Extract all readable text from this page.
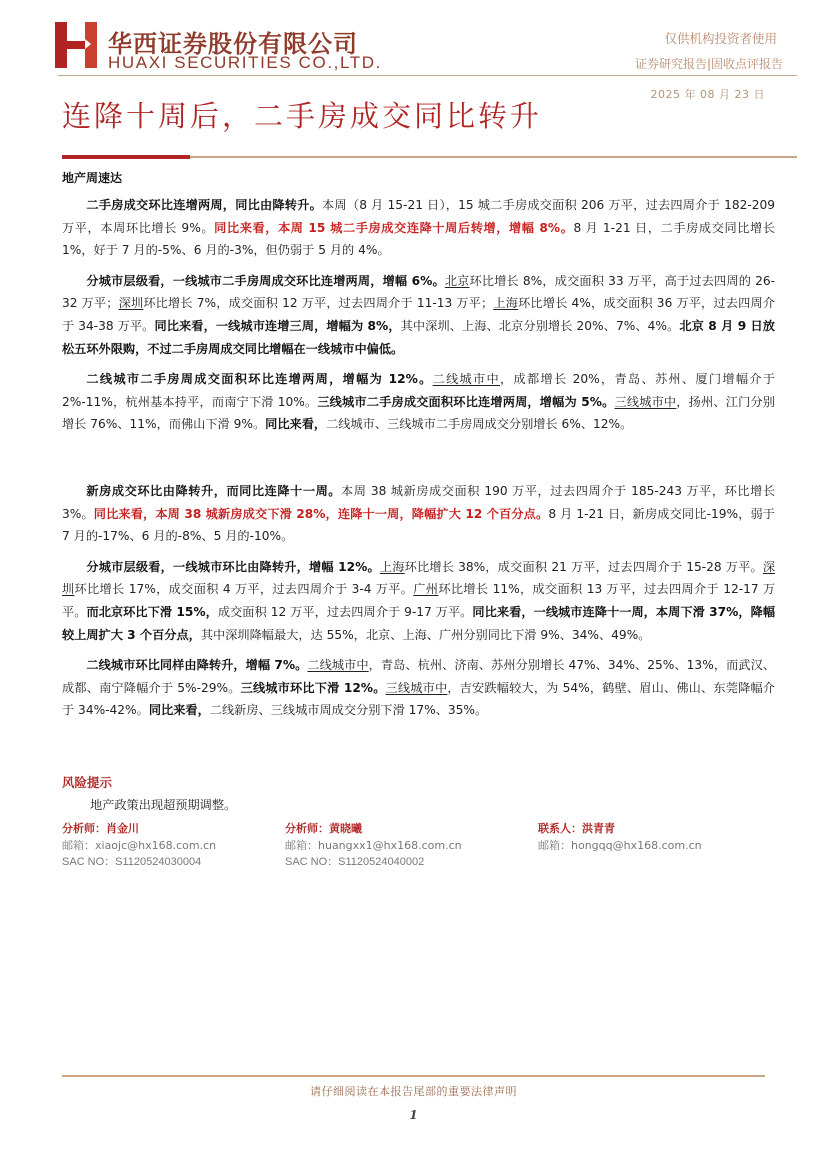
华西证券股份有限公司
HUAXI SECURITIES CO.,LTD.
仅供机构投资者使用
证券研究报告|固收点评报告
2025 年 08 月 23 日
连降十周后，二手房成交同比转升
地产周速达

二手房成交环比连增两周，同比由降转升。本周（8 月 15-21 日），15 城二手房成交面积 206 万平，过去四周介于 182-209 万平，本周环比增长 9%。同比来看，本周 15 城二手房成交连降十周后转增，增幅 8%。8 月 1-21 日，二手房成交同比增长 1%，好于 7 月的-5%、6 月的-3%，但仍弱于 5 月的 4%。

分城市层级看，一线城市二手房周成交环比连增两周，增幅 6%。北京环比增长 8%，成交面积 33 万平，高于过去四周的 26-32 万平；深圳环比增长 7%，成交面积 12 万平，过去四周介于 11-13 万平；上海环比增长 4%，成交面积 36 万平，过去四周介于 34-38 万平。同比来看，一线城市连增三周，增幅为 8%，其中深圳、上海、北京分别增长 20%、7%、4%。北京 8 月 9 日放松五环外限购，不过二手房周成交同比增幅在一线城市中偏低。

二线城市二手房周成交面积环比连增两周，增幅为 12%。二线城市中，成都增长 20%，青岛、苏州、厦门增幅介于 2%-11%，杭州基本持平，而南宁下滑 10%。三线城市二手房成交面积环比连增两周，增幅为 5%。三线城市中，扬州、江门分别增长 76%、11%，而佛山下滑 9%。同比来看，二线城市、三线城市二手房周成交分别增长 6%、12%。

新房成交环比由降转升，而同比连降十一周。本周 38 城新房成交面积 190 万平，过去四周介于 185-243 万平，环比增长 3%。同比来看，本周 38 城新房成交下滑 28%，连降十一周，降幅扩大 12 个百分点。8 月 1-21 日，新房成交同比-19%，弱于 7 月的-17%、6 月的-8%、5 月的-10%。

分城市层级看，一线城市环比由降转升，增幅 12%。上海环比增长 38%，成交面积 21 万平，过去四周介于 15-28 万平。深圳环比增长 17%，成交面积 4 万平，过去四周介于 3-4 万平。广州环比增长 11%，成交面积 13 万平，过去四周介于 12-17 万平。而北京环比下滑 15%，成交面积 12 万平，过去四周介于 9-17 万平。同比来看，一线城市连降十一周，本周下滑 37%，降幅较上周扩大 3 个百分点，其中深圳降幅最大，达 55%，北京、上海、广州分别同比下滑 9%、34%、49%。

二线城市环比同样由降转升，增幅 7%。二线城市中，青岛、杭州、济南、苏州分别增长 47%、34%、25%、13%，而武汉、成都、南宁降幅介于 5%-29%。三线城市环比下滑 12%。三线城市中，吉安跌幅较大，为 54%，鹤壁、眉山、佛山、东莞降幅介于 34%-42%。同比来看，二线新房、三线城市周成交分别下滑 17%、35%。

风险提示
地产政策出现超预期调整。
分析师：肖金川
邮箱：xiaojc@hx168.com.cn
SAC NO：S1120524030004
分析师：黄晓曦
邮箱：huangxx1@hx168.com.cn
SAC NO：S1120524040002
联系人：洪青青
邮箱：hongqq@hx168.com.cn
请仔细阅读在本报告尾部的重要法律声明
1
